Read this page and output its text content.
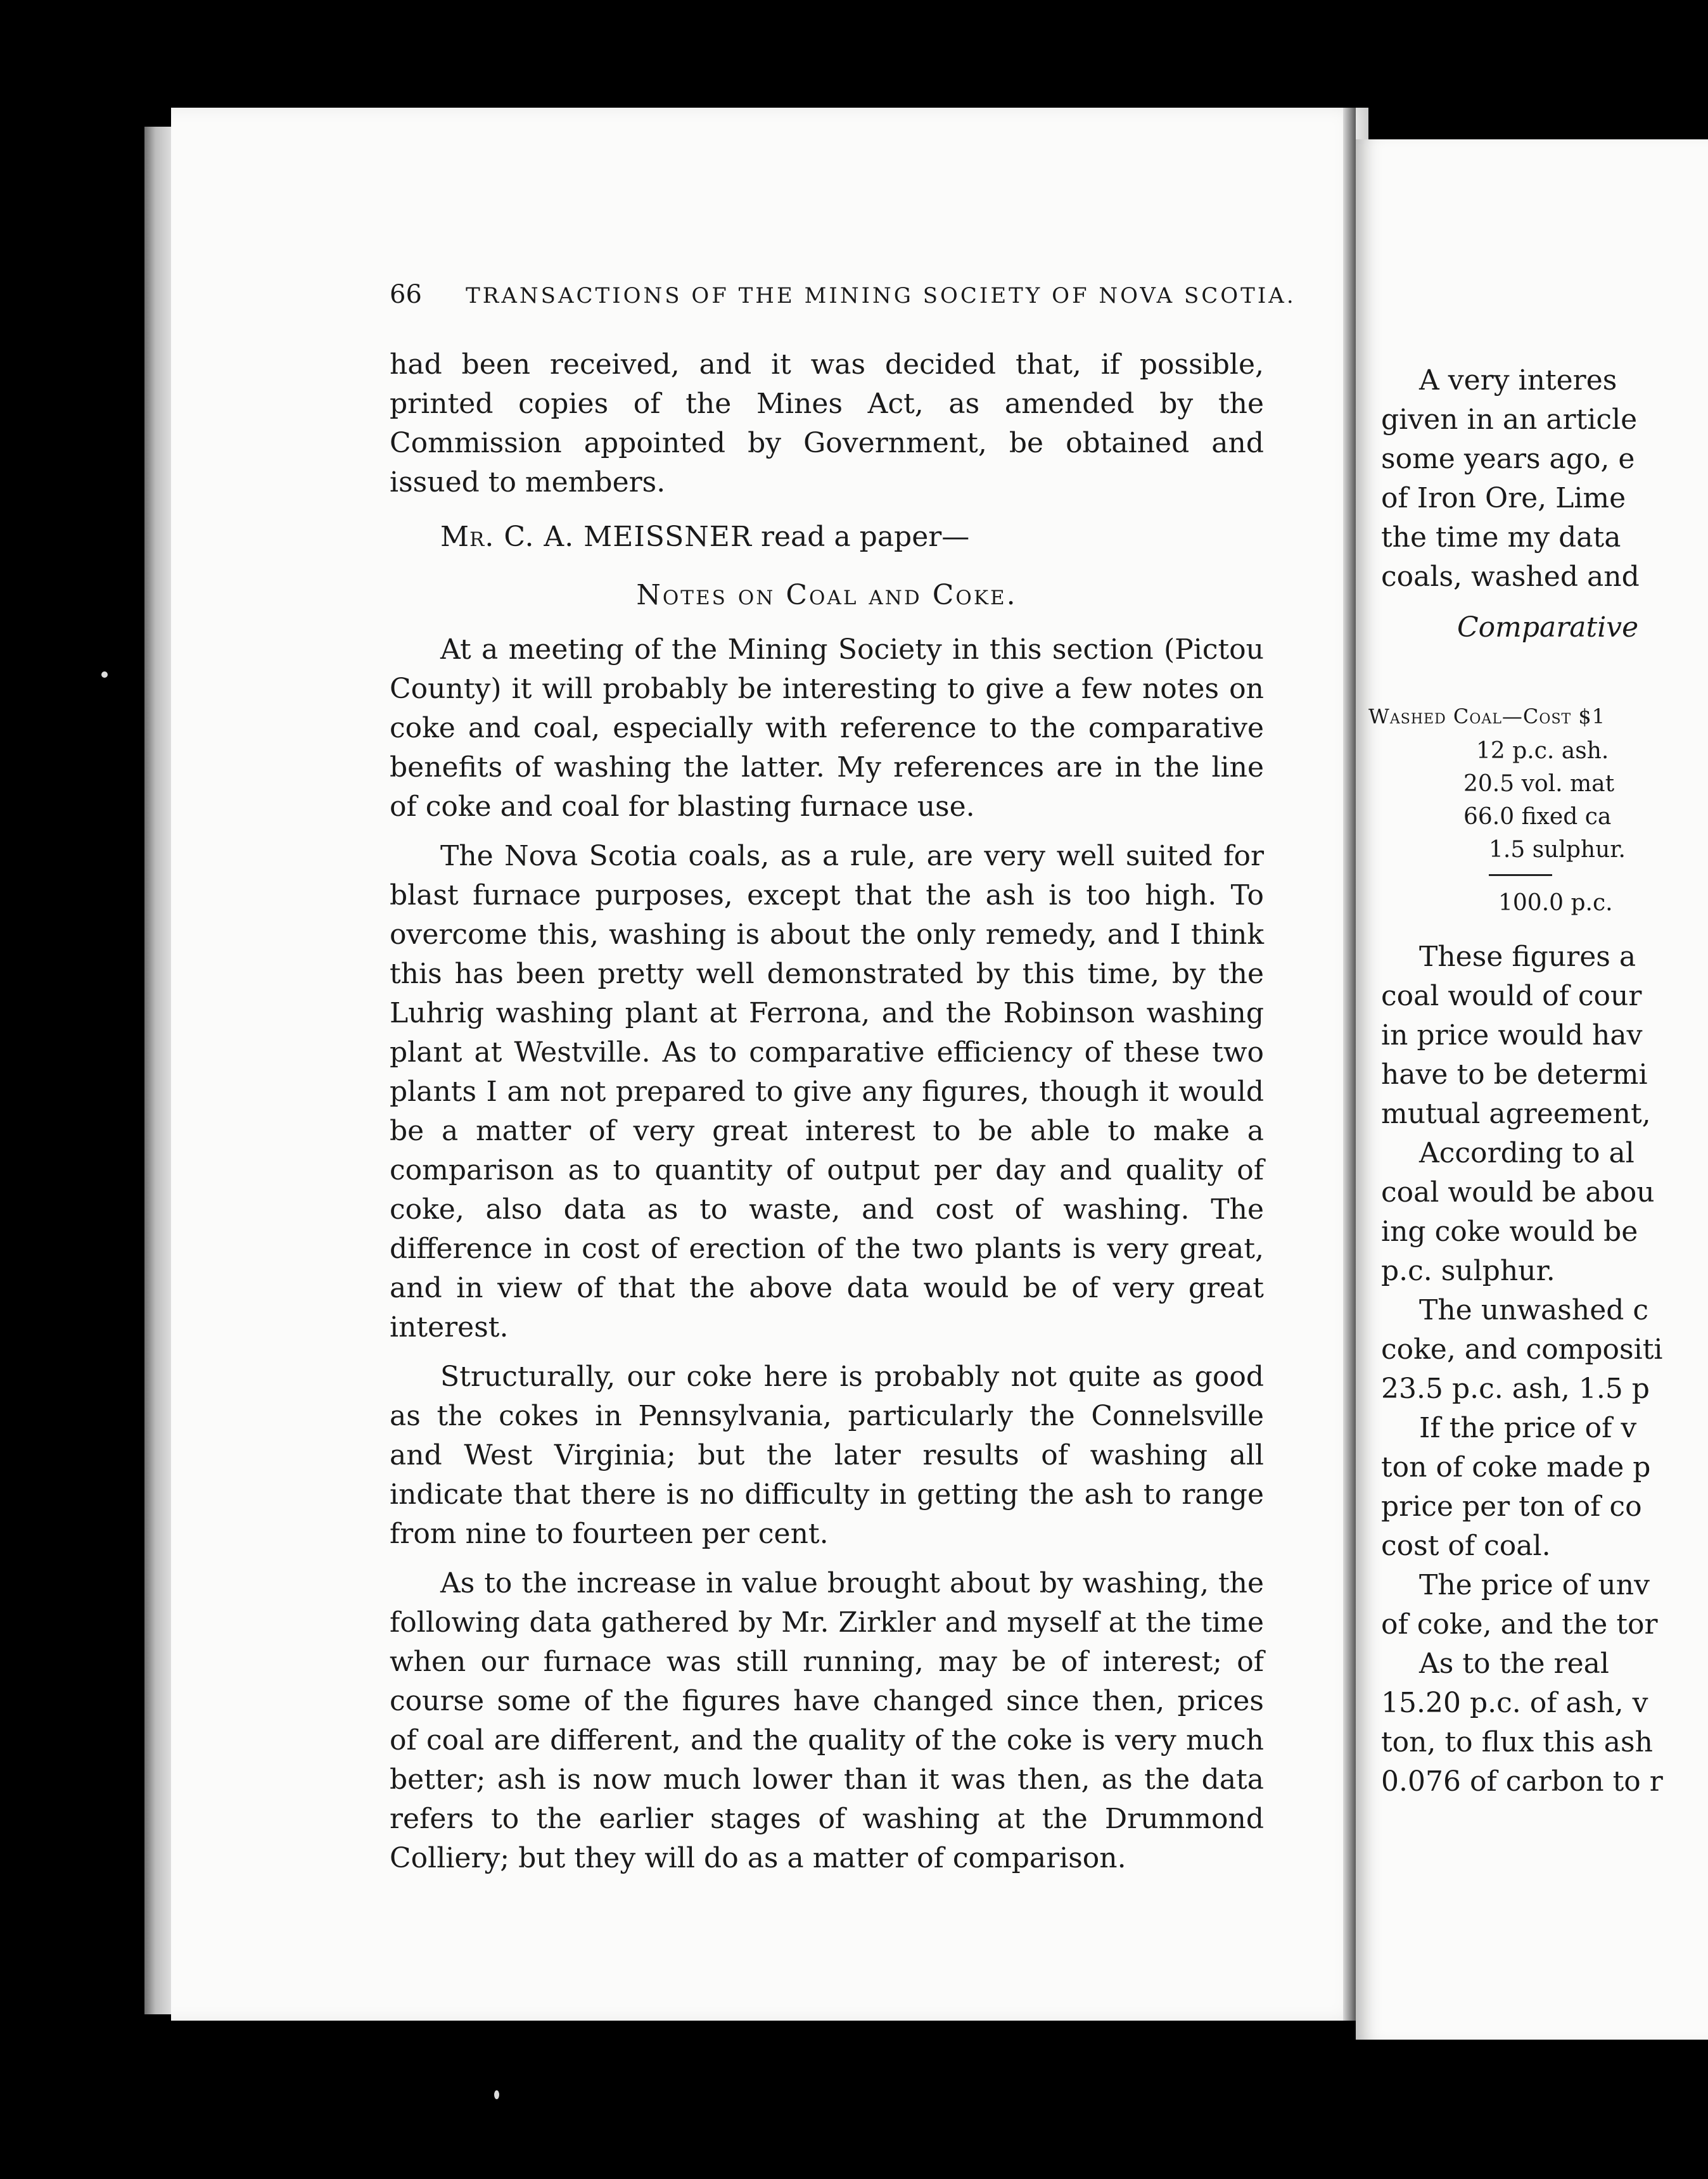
66 TRANSACTIONS OF THE MINING SOCIETY OF NOVA SCOTIA.

had been received, and it was decided that, if possible, printed copies of the Mines Act, as amended by the Commission appointed by Government, be obtained and issued to members.

Mr. C. A. MEISSNER read a paper—

Notes on Coal and Coke.

At a meeting of the Mining Society in this section (Pictou County) it will probably be interesting to give a few notes on coke and coal, especially with reference to the comparative benefits of washing the latter. My references are in the line of coke and coal for blasting furnace use.

The Nova Scotia coals, as a rule, are very well suited for blast furnace purposes, except that the ash is too high. To overcome this, washing is about the only remedy, and I think this has been pretty well demonstrated by this time, by the Luhrig washing plant at Ferrona, and the Robinson washing plant at Westville. As to comparative efficiency of these two plants I am not prepared to give any figures, though it would be a matter of very great interest to be able to make a comparison as to quantity of output per day and quality of coke, also data as to waste, and cost of washing. The difference in cost of erection of the two plants is very great, and in view of that the above data would be of very great interest.

Structurally, our coke here is probably not quite as good as the cokes in Pennsylvania, particularly the Connelsville and West Virginia; but the later results of washing all indicate that there is no difficulty in getting the ash to range from nine to fourteen per cent.

As to the increase in value brought about by washing, the following data gathered by Mr. Zirkler and myself at the time when our furnace was still running, may be of interest; of course some of the figures have changed since then, prices of coal are different, and the quality of the coke is very much better; ash is now much lower than it was then, as the data refers to the earlier stages of washing at the Drummond Colliery; but they will do as a matter of comparison.

A very interes
given in an article
some years ago, e
of Iron Ore, Lime
the time my data
coals, washed and
Comparative
Washed Coal—Cost $1
12 p.c. ash.
20.5 vol. mat
66.0 fixed ca
1.5 sulphur.
100.0 p.c.
These figures a
coal would of cour
in price would hav
have to be determi
mutual agreement,
According to al
coal would be abou
ing coke would be
p.c. sulphur.
The unwashed c
coke, and compositi
23.5 p.c. ash, 1.5 p
If the price of v
ton of coke made p
price per ton of co
cost of coal.
The price of unv
of coke, and the tor
As to the real
15.20 p.c. of ash, v
ton, to flux this ash
0.076 of carbon to r
